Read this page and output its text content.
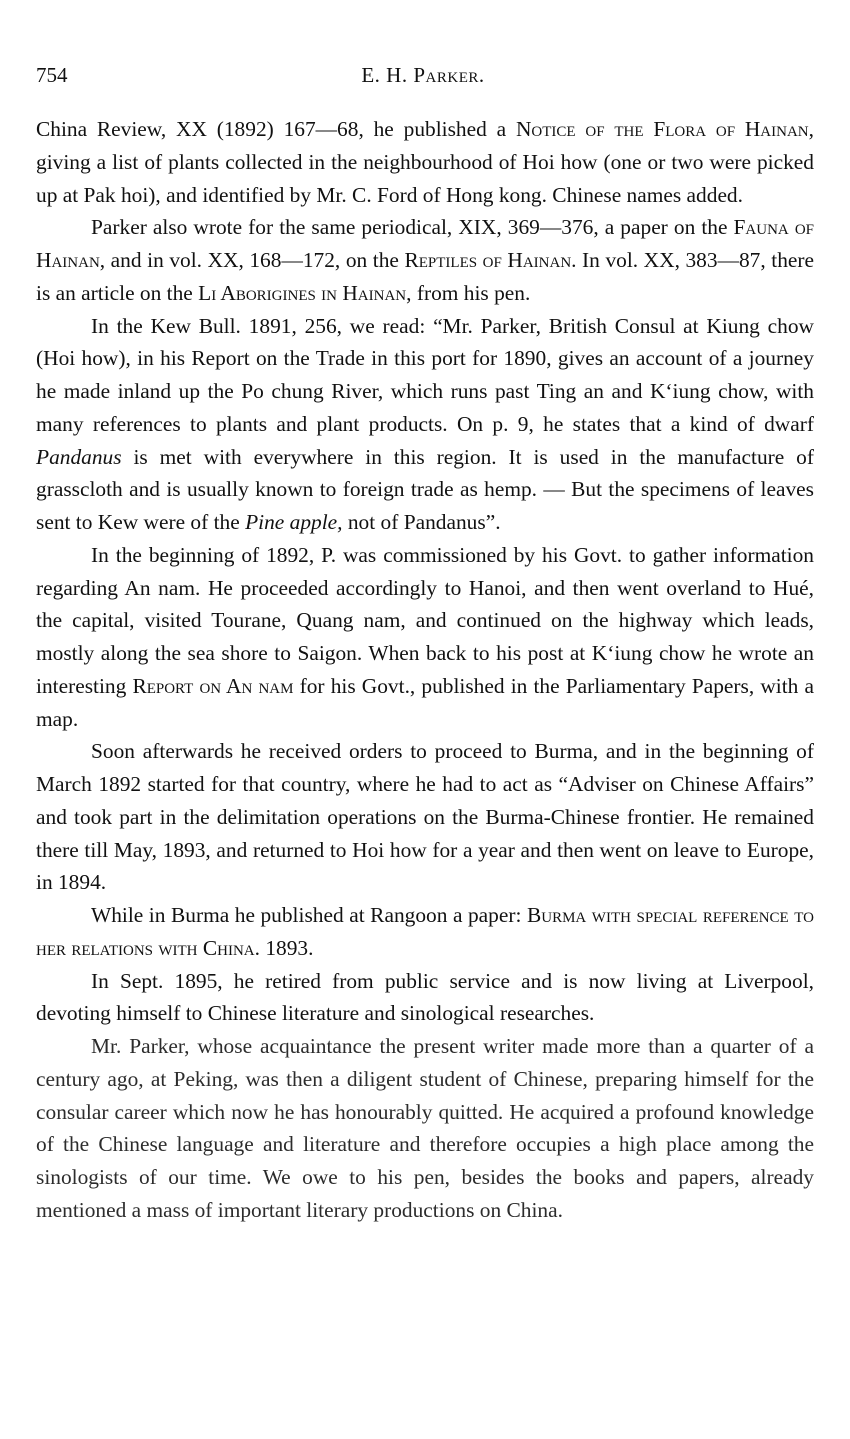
754	E. H. Parker.

China Review, XX (1892) 167—68, he published a Notice of the Flora of Hainan, giving a list of plants collected in the neighbourhood of Hoi how (one or two were picked up at Pak hoi), and identified by Mr. C. Ford of Hong kong. Chinese names added.

Parker also wrote for the same periodical, XIX, 369—376, a paper on the Fauna of Hainan, and in vol. XX, 168—172, on the Reptiles of Hainan. In vol. XX, 383—87, there is an article on the Li Aborigines in Hainan, from his pen.

In the Kew Bull. 1891, 256, we read: “Mr. Parker, British Consul at Kiung chow (Hoi how), in his Report on the Trade in this port for 1890, gives an account of a journey he made inland up the Po chung River, which runs past Ting an and K‘iung chow, with many references to plants and plant products. On p. 9, he states that a kind of dwarf Pandanus is met with everywhere in this region. It is used in the manufacture of grasscloth and is usually known to foreign trade as hemp. — But the specimens of leaves sent to Kew were of the Pine apple, not of Pandanus”.

In the beginning of 1892, P. was commissioned by his Govt. to gather information regarding An nam. He proceeded accordingly to Hanoi, and then went overland to Hué, the capital, visited Tourane, Quang nam, and continued on the highway which leads, mostly along the sea shore to Saigon. When back to his post at K‘iung chow he wrote an interesting Report on An nam for his Govt., published in the Parliamentary Papers, with a map.

Soon afterwards he received orders to proceed to Burma, and in the beginning of March 1892 started for that country, where he had to act as “Adviser on Chinese Affairs” and took part in the delimitation operations on the Burma-Chinese frontier. He remained there till May, 1893, and returned to Hoi how for a year and then went on leave to Europe, in 1894.

While in Burma he published at Rangoon a paper: Burma with special reference to her relations with China. 1893.

In Sept. 1895, he retired from public service and is now living at Liverpool, devoting himself to Chinese literature and sinological researches.

Mr. Parker, whose acquaintance the present writer made more than a quarter of a century ago, at Peking, was then a diligent student of Chinese, preparing himself for the consular career which now he has honourably quitted. He acquired a profound knowledge of the Chinese language and literature and therefore occupies a high place among the sinologists of our time. We owe to his pen, besides the books and papers, already mentioned a mass of important literary productions on China.
